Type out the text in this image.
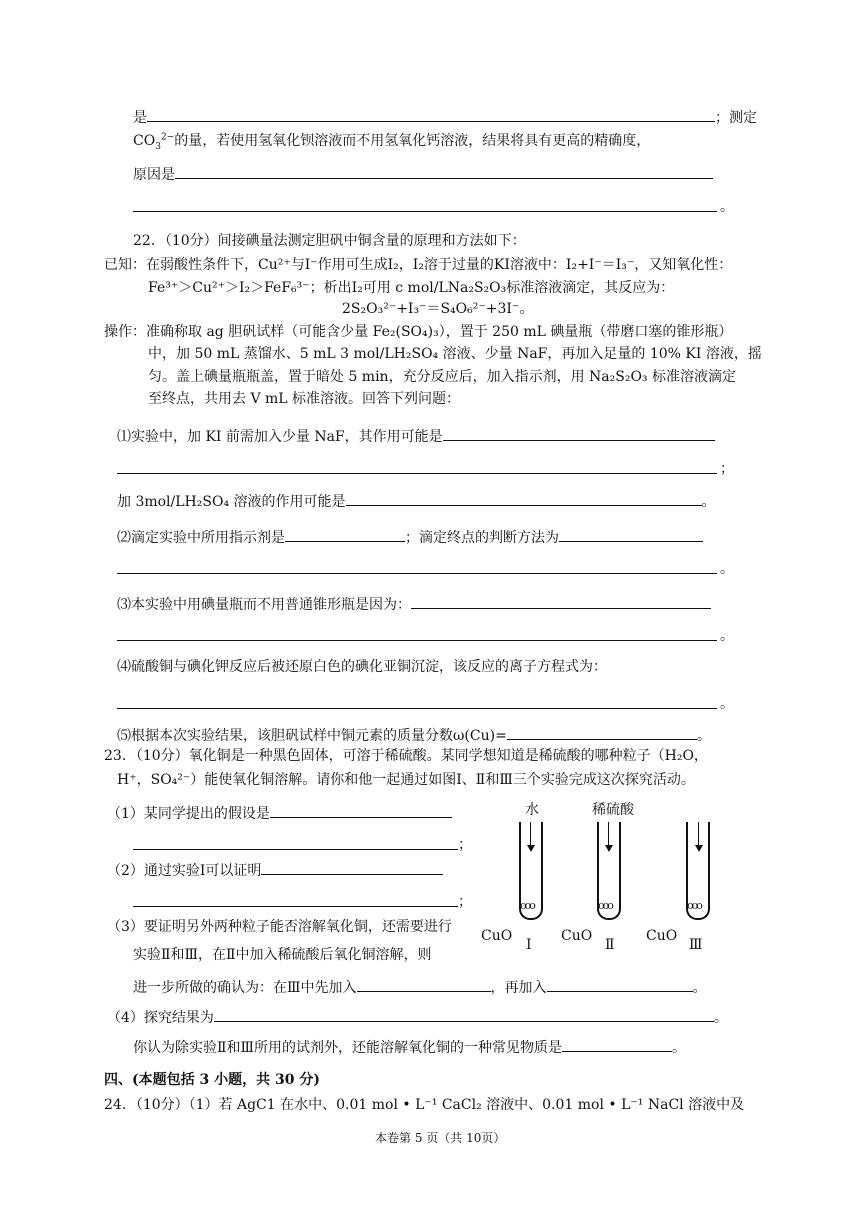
是	；测定
$CO_3^{2-}$的量，若使用氢氧化钡溶液而不用氢氧化钙溶液，结果将具有更高的精确度，
原因是
。
22．（10分）间接碘量法测定胆矾中铜含量的原理和方法如下：
已知：在弱酸性条件下，Cu²⁺与I⁻作用可生成I₂，I₂溶于过量的KI溶液中：I₂+I⁻＝I₃⁻，又知氧化性：
Fe³⁺＞Cu²⁺＞I₂＞FeF₆³⁻；析出I₂可用 c mol/LNa₂S₂O₃标准溶液滴定，其反应为：
2S₂O₃²⁻+I₃⁻＝S₄O₆²⁻+3I⁻。
操作：准确称取 ag 胆矾试样（可能含少量 Fe₂(SO₄)₃），置于 250 mL 碘量瓶（带磨口塞的锥形瓶）
中，加 50 mL 蒸馏水、5 mL 3 mol/LH₂SO₄ 溶液、少量 NaF，再加入足量的 10% KI 溶液，摇
匀。盖上碘量瓶瓶盖，置于暗处 5 min，充分反应后，加入指示剂，用 Na₂S₂O₃ 标准溶液滴定
至终点，共用去 V mL 标准溶液。回答下列问题：
⑴实验中，加 KI 前需加入少量 NaF，其作用可能是
；
加 3mol/LH₂SO₄ 溶液的作用可能是	。
⑵滴定实验中所用指示剂是	；滴定终点的判断方法为
。
⑶本实验中用碘量瓶而不用普通锥形瓶是因为：
。
⑷硫酸铜与碘化钾反应后被还原白色的碘化亚铜沉淀，该反应的离子方程式为：
。
⑸根据本次实验结果，该胆矾试样中铜元素的质量分数ω(Cu)=	。
23．（10分）氧化铜是一种黑色固体，可溶于稀硫酸。某同学想知道是稀硫酸的哪种粒子（H₂O，
H⁺，SO₄²⁻）能使氧化铜溶解。请你和他一起通过如图Ⅰ、Ⅱ和Ⅲ三个实验完成这次探究活动。
（1）某同学提出的假设是
；
（2）通过实验Ⅰ可以证明
；
（3）要证明另外两种粒子能否溶解氧化铜，还需要进行
实验Ⅱ和Ⅲ，在Ⅱ中加入稀硫酸后氧化铜溶解，则
进一步所做的确认为：在Ⅲ中先加入	，再加入	。
（4）探究结果为	。
你认为除实验Ⅱ和Ⅲ所用的试剂外，还能溶解氧化铜的一种常见物质是	。
水	稀硫酸
ooo	ooo	ooo
CuO	CuO	CuO
Ⅰ	Ⅱ	Ⅲ
四、(本题包括 3 小题，共 30 分)
24．（10分）（1）若 AgC1 在水中、0.01 mol • L⁻¹ CaCl₂ 溶液中、0.01 mol • L⁻¹ NaCl 溶液中及
本卷第 5 页（共 10页）
